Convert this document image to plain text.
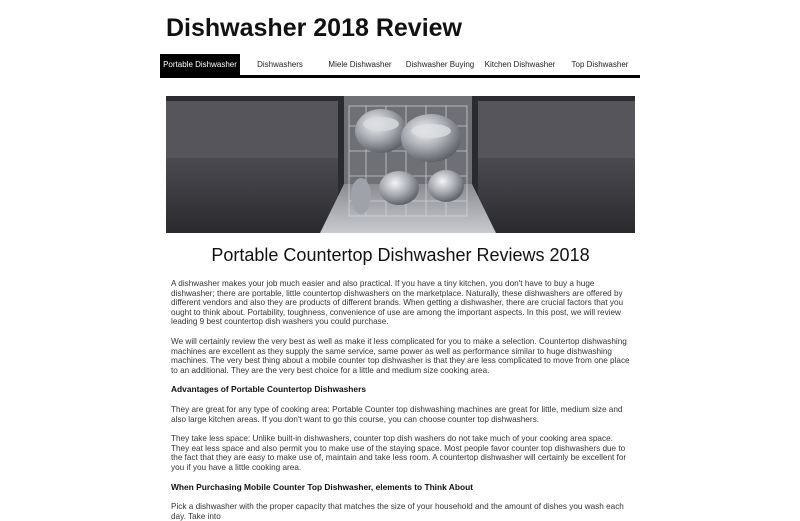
Dishwasher 2018 Review
Portable Dishwasher	Dishwashers	Miele Dishwasher	Dishwasher Buying	Kitchen Dishwasher	Top Dishwasher
Portable Countertop Dishwasher Reviews 2018

A dishwasher makes your job much easier and also practical. If you have a tiny kitchen, you don't have to buy a huge dishwasher; there are portable, little countertop dishwashers on the marketplace. Naturally, these dishwashers are offered by different vendors and also they are products of different brands. When getting a dishwasher, there are crucial factors that you ought to think about. Portability, toughness, convenience of use are among the important aspects. In this post, we will review leading 9 best countertop dish washers you could purchase.

We will certainly review the very best as well as make it less complicated for you to make a selection. Countertop dishwashing machines are excellent as they supply the same service, same power as well as performance similar to huge dishwashing machines. The very best thing about a mobile counter top dishwasher is that they are less complicated to move from one place to an additional. They are the very best choice for a little and medium size cooking area.

Advantages of Portable Countertop Dishwashers

They are great for any type of cooking area: Portable Counter top dishwashing machines are great for little, medium size and also large kitchen areas. If you don't want to go this course, you can choose counter top dishwashers.

They take less space: Unlike built-in dishwashers, counter top dish washers do not take much of your cooking area space. They eat less space and also permit you to make use of the staying space. Most people favor counter top dishwashers due to the fact that they are easy to make use of, maintain and take less room. A countertop dishwasher will certainly be excellent for you if you have a little cooking area.

When Purchasing Mobile Counter Top Dishwasher, elements to Think About

Pick a dishwasher with the proper capacity that matches the size of your household and the amount of dishes you wash each day. Take into
